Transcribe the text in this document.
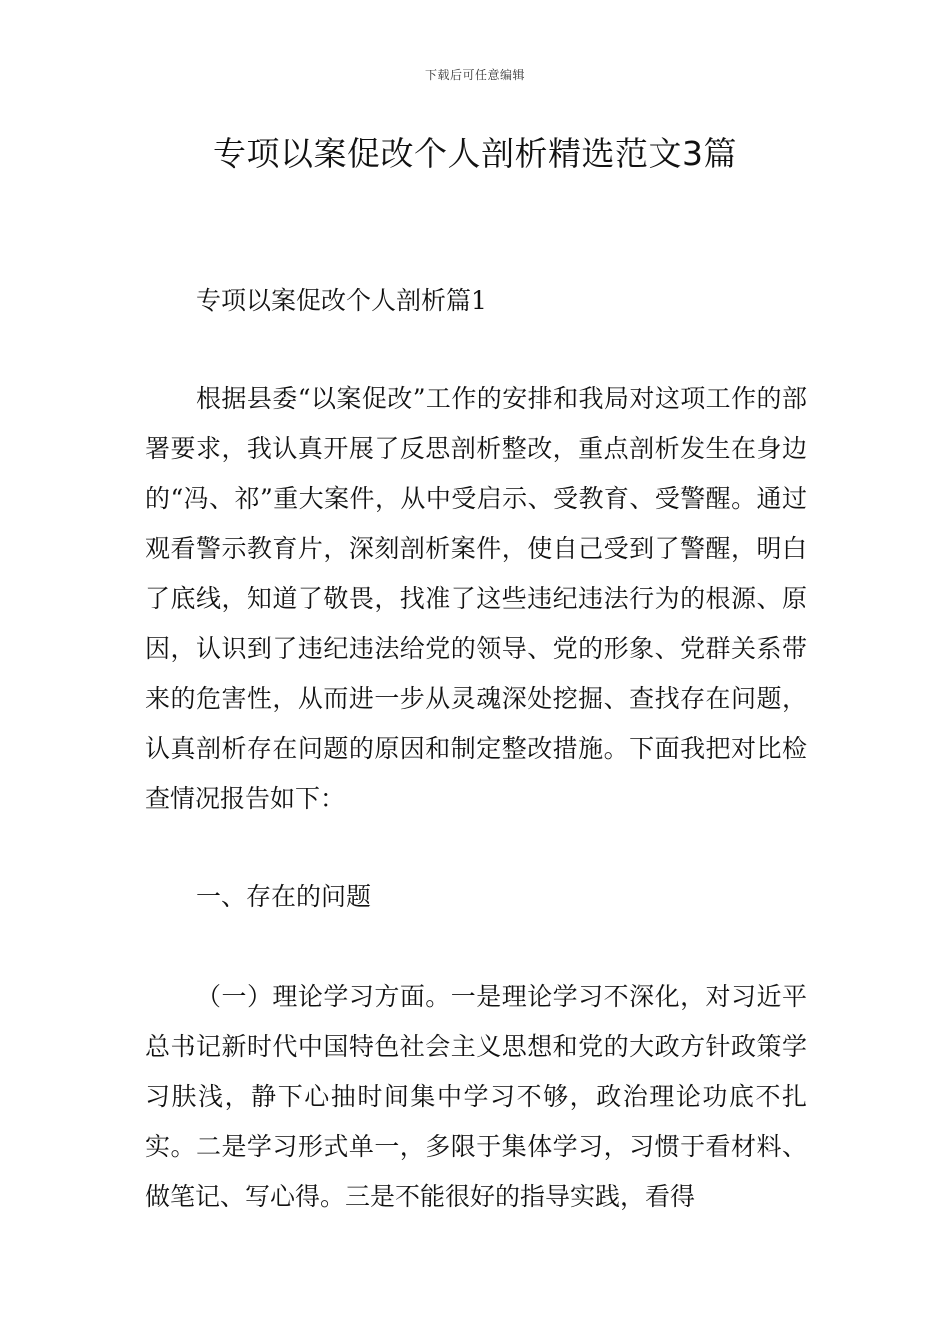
下载后可任意编辑
专项以案促改个人剖析精选范文3篇
专项以案促改个人剖析篇1
根据县委“以案促改”工作的安排和我局对这项工作的部署要求，我认真开展了反思剖析整改，重点剖析发生在身边的“冯、祁”重大案件，从中受启示、受教育、受警醒。通过观看警示教育片，深刻剖析案件，使自己受到了警醒，明白了底线，知道了敬畏，找准了这些违纪违法行为的根源、原因，认识到了违纪违法给党的领导、党的形象、党群关系带来的危害性，从而进一步从灵魂深处挖掘、查找存在问题，认真剖析存在问题的原因和制定整改措施。下面我把对比检查情况报告如下：
一、存在的问题
（一）理论学习方面。一是理论学习不深化，对习近平总书记新时代中国特色社会主义思想和党的大政方针政策学习肤浅，静下心抽时间集中学习不够，政治理论功底不扎实。二是学习形式单一，多限于集体学习，习惯于看材料、做笔记、写心得。三是不能很好的指导实践，看得
